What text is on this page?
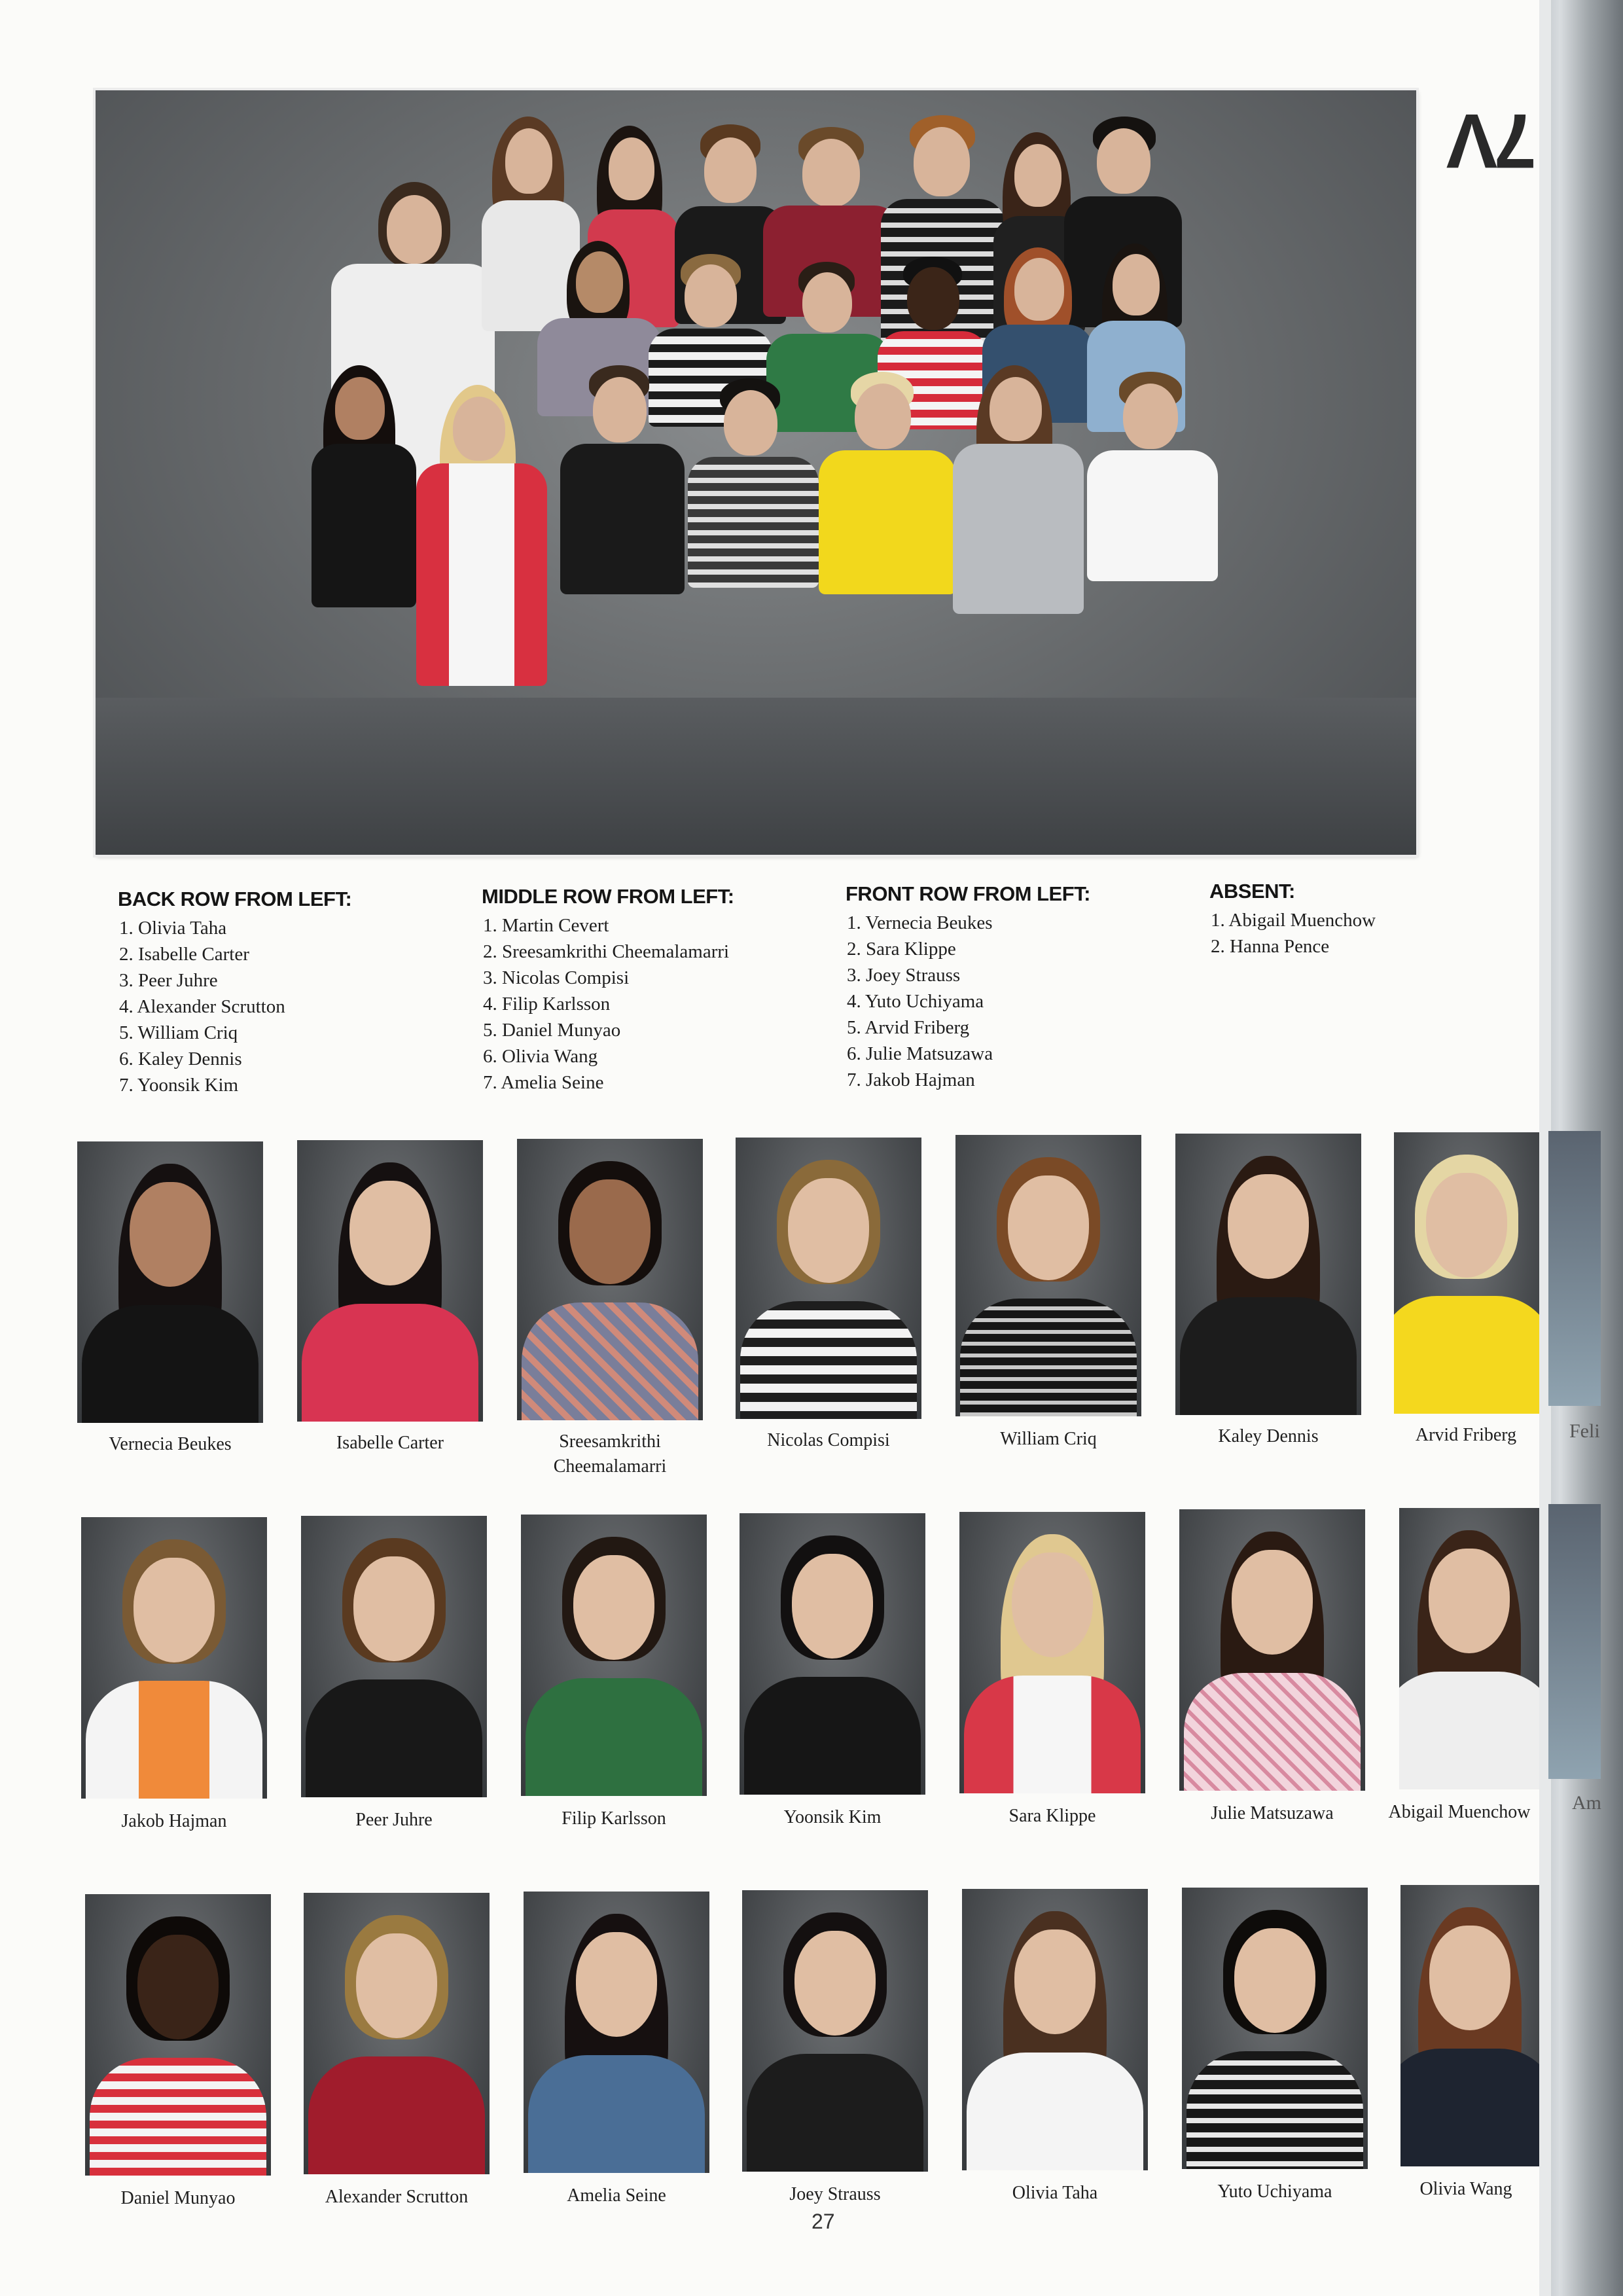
Feli
Am
7V
BACK ROW FROM LEFT:
1. Olivia Taha
2. Isabelle Carter
3. Peer Juhre
4. Alexander Scrutton
5. William Criq
6. Kaley Dennis
7. Yoonsik Kim
MIDDLE ROW FROM LEFT:
1. Martin Cevert
2. Sreesamkrithi Cheemalamarri
3. Nicolas Compisi
4. Filip Karlsson
5. Daniel Munyao
6. Olivia Wang
7. Amelia Seine
FRONT ROW FROM LEFT:
1. Vernecia Beukes
2. Sara Klippe
3. Joey Strauss
4. Yuto Uchiyama
5. Arvid Friberg
6. Julie Matsuzawa
7. Jakob Hajman
ABSENT:
1. Abigail Muenchow
2. Hanna Pence
Vernecia Beukes	Isabelle Carter	Sreesamkrithi Cheemalamarri
Nicolas Compisi	William Criq	Kaley Dennis	Arvid Friberg
Jakob Hajman	Peer Juhre	Filip Karlsson	Yoonsik Kim	Sara Klippe	Julie Matsuzawa	Abigail Muenchow
Daniel Munyao	Alexander Scrutton	Amelia Seine	Joey Strauss	Olivia Taha	Yuto Uchiyama	Olivia Wang
27
